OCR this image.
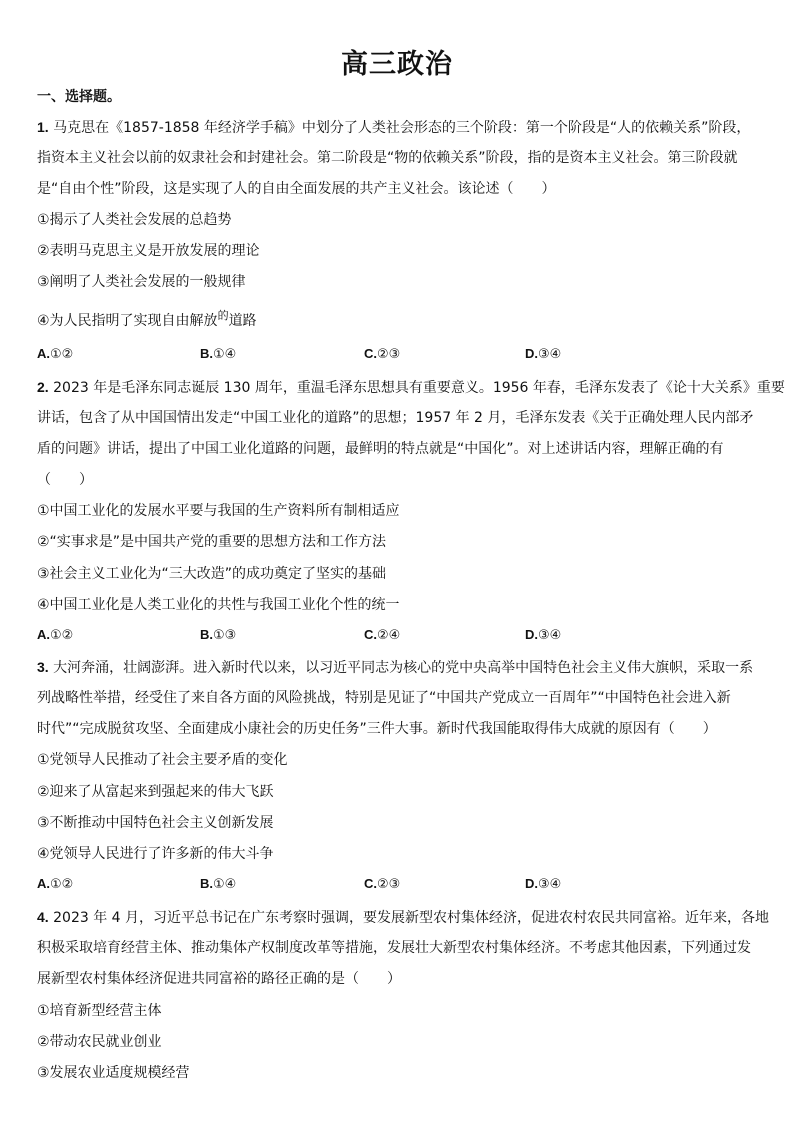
高三政治
一、选择题。
1. 马克思在《1857-1858 年经济学手稿》中划分了人类社会形态的三个阶段：第一个阶段是“人的依赖关系”阶段，
指资本主义社会以前的奴隶社会和封建社会。第二阶段是“物的依赖关系”阶段，指的是资本主义社会。第三阶段就
是“自由个性”阶段，这是实现了人的自由全面发展的共产主义社会。该论述（　　）
①揭示了人类社会发展的总趋势
②表明马克思主义是开放发展的理论
③阐明了人类社会发展的一般规律
④为人民指明了实现自由解放$^的$道路
A.①②	B.①④	C.②③	D.③④
2. 2023 年是毛泽东同志诞辰 130 周年，重温毛泽东思想具有重要意义。1956 年春，毛泽东发表了《论十大关系》重要
讲话，包含了从中国国情出发走“中国工业化的道路”的思想；1957 年 2 月，毛泽东发表《关于正确处理人民内部矛
盾的问题》讲话，提出了中国工业化道路的问题，最鲜明的特点就是“中国化”。对上述讲话内容，理解正确的有
（　　）
①中国工业化的发展水平要与我国的生产资料所有制相适应
②“实事求是”是中国共产党的重要的思想方法和工作方法
③社会主义工业化为“三大改造”的成功奠定了坚实的基础
④中国工业化是人类工业化的共性与我国工业化个性的统一
A.①②	B.①③	C.②④	D.③④
3. 大河奔涌，壮阔澎湃。进入新时代以来，以习近平同志为核心的党中央高举中国特色社会主义伟大旗帜，采取一系
列战略性举措，经受住了来自各方面的风险挑战，特别是见证了“中国共产党成立一百周年”“中国特色社会进入新
时代”“完成脱贫攻坚、全面建成小康社会的历史任务”三件大事。新时代我国能取得伟大成就的原因有（　　）
①党领导人民推动了社会主要矛盾的变化
②迎来了从富起来到强起来的伟大飞跃
③不断推动中国特色社会主义创新发展
④党领导人民进行了许多新的伟大斗争
A.①②	B.①④	C.②③	D.③④
4. 2023 年 4 月，习近平总书记在广东考察时强调，要发展新型农村集体经济，促进农村农民共同富裕。近年来，各地
积极采取培育经营主体、推动集体产权制度改革等措施，发展壮大新型农村集体经济。不考虑其他因素，下列通过发
展新型农村集体经济促进共同富裕的路径正确的是（　　）
①培育新型经营主体
②带动农民就业创业
③发展农业适度规模经营
